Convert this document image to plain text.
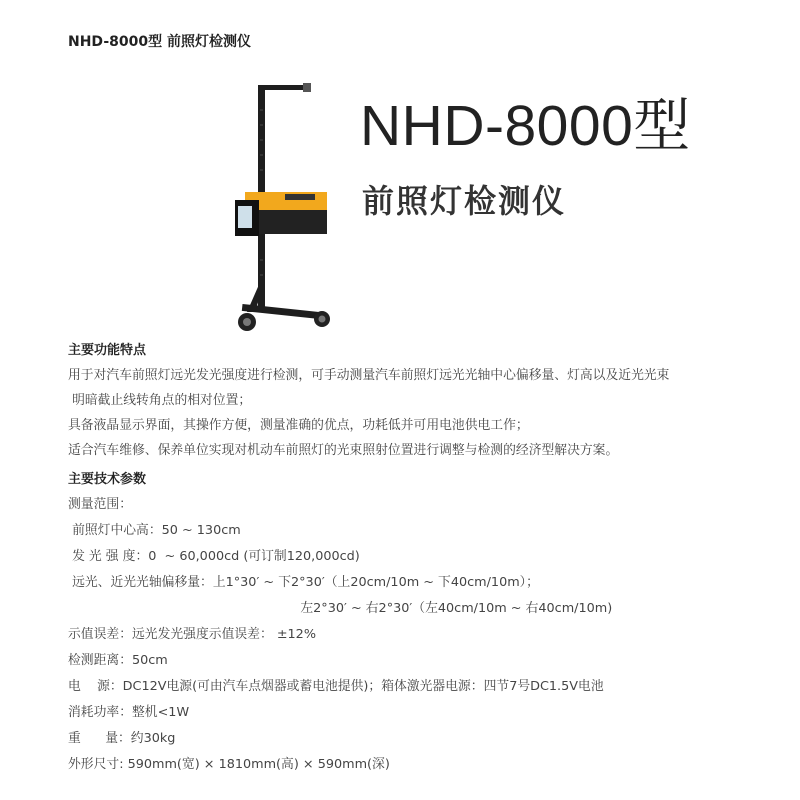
NHD-8000型 前照灯检测仪
NHD-8000型
前照灯检测仪

主要功能特点

用于对汽车前照灯远光发光强度进行检测，可手动测量汽车前照灯远光光轴中心偏移量、灯高以及近光光束

明暗截止线转角点的相对位置；

具备液晶显示界面，其操作方便，测量准确的优点，功耗低并可用电池供电工作；

适合汽车维修、保养单位实现对机动车前照灯的光束照射位置进行调整与检测的经济型解决方案。

主要技术参数

测量范围：

前照灯中心高：50 ~ 130cm

发 光 强 度：0  ~ 60,000cd (可订制120,000cd)

远光、近光光轴偏移量：上1°30′ ~ 下2°30′（上20cm/10m ~ 下40cm/10m）；

左2°30′ ~ 右2°30′（左40cm/10m ~ 右40cm/10m)

示值误差：远光发光强度示值误差： ±12%

检测距离：50cm

电    源：DC12V电源(可由汽车点烟器或蓄电池提供)；箱体激光器电源：四节7号DC1.5V电池

消耗功率：整机<1W

重      量：约30kg

外形尺寸: 590mm(宽) × 1810mm(高) × 590mm(深)
